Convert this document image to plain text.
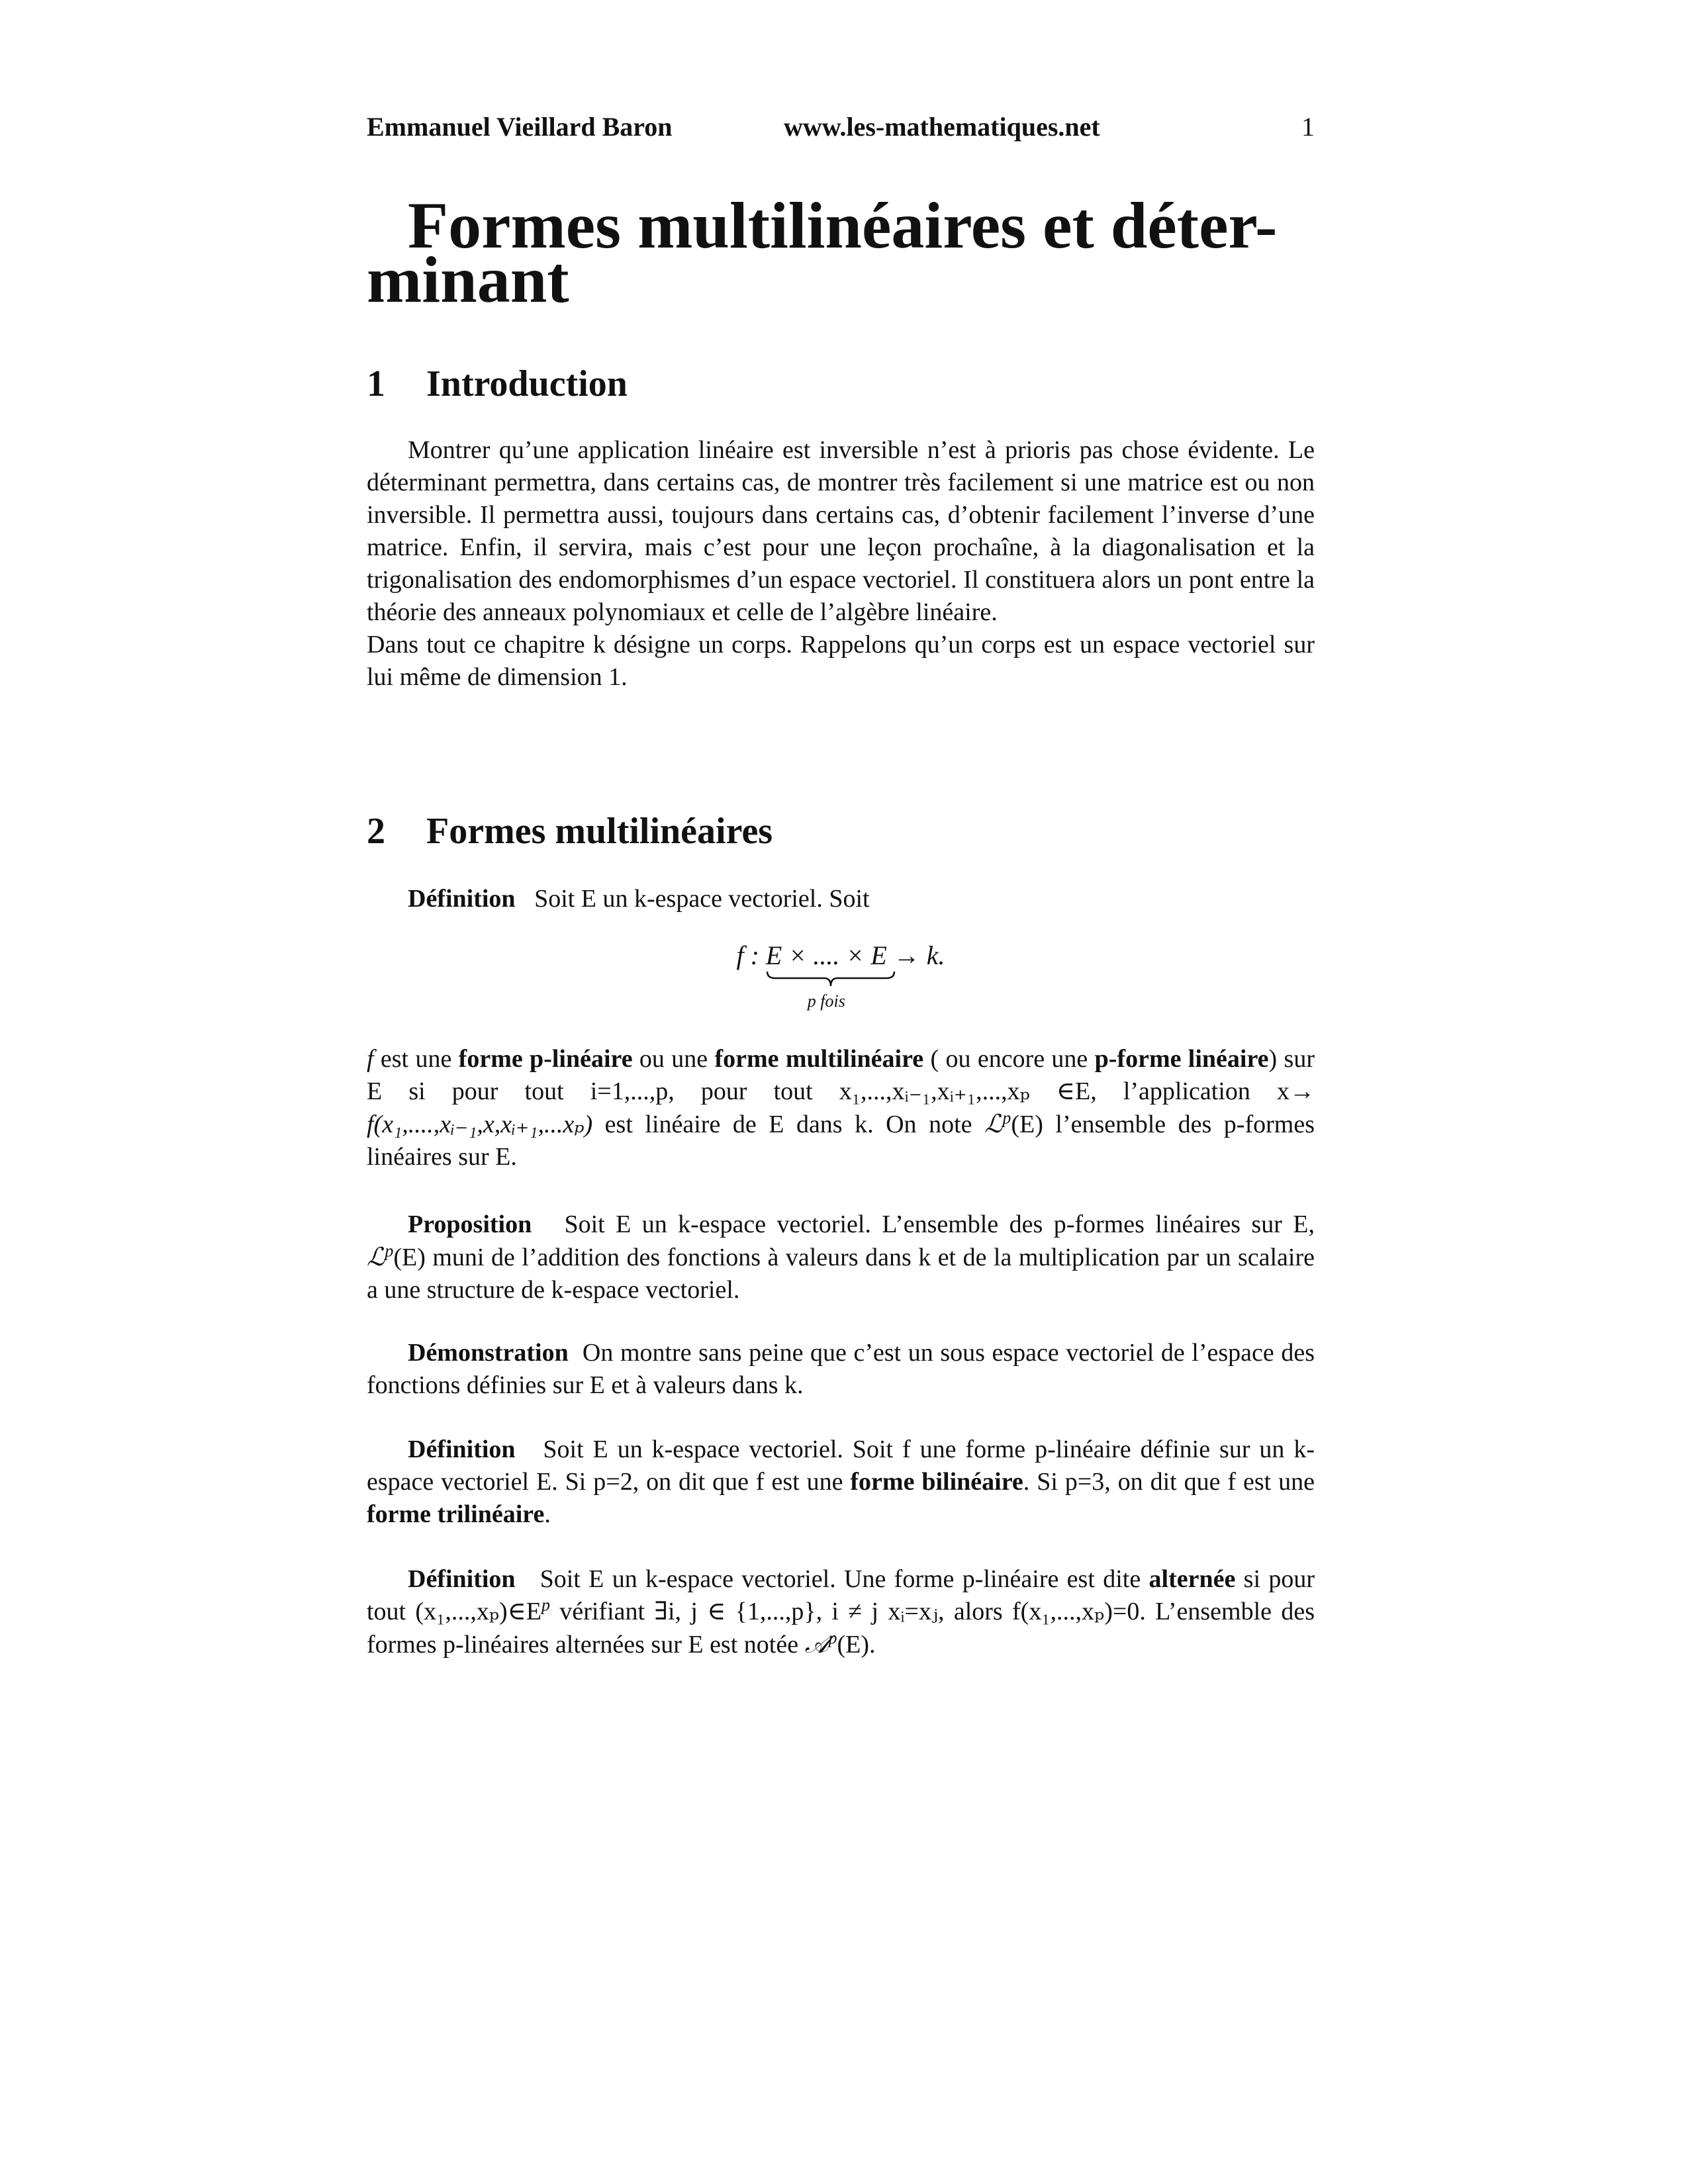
Emmanuel Vieillard Baron	www.les-mathematiques.net	1
Formes multilinéaires et déter-
minant
1 Introduction

Montrer qu’une application linéaire est inversible n’est à prioris pas chose évidente. Le déterminant permettra, dans certains cas, de montrer très facilement si une matrice est ou non inversible. Il permettra aussi, toujours dans certains cas, d’obtenir facilement l’inverse d’une matrice. Enfin, il servira, mais c’est pour une leçon prochaîne, à la diagonalisation et la trigonalisation des endomorphismes d’un espace vectoriel. Il constituera alors un pont entre la théorie des anneaux polynomiaux et celle de l’algèbre linéaire.
Dans tout ce chapitre k désigne un corps. Rappelons qu’un corps est un espace vectoriel sur lui même de dimension 1.

2 Formes multilinéaires

Définition Soit E un k-espace vectoriel. Soit

f : E × .... × E
p fois
→ k.

f est une forme p-linéaire ou une forme multilinéaire ( ou encore une p-forme linéaire) sur E si pour tout i=1,...,p, pour tout x₁,...,xᵢ₋₁,xᵢ₊₁,...,xₚ ∈E, l’application x→ f(x₁,....,xᵢ₋₁,x,xᵢ₊₁,...xₚ) est linéaire de E dans k. On note ℒ$^p$(E) l’ensemble des p-formes linéaires sur E.

Proposition Soit E un k-espace vectoriel. L’ensemble des p-formes linéaires sur E, ℒ$^p$(E) muni de l’addition des fonctions à valeurs dans k et de la multiplication par un scalaire a une structure de k-espace vectoriel.

Démonstration On montre sans peine que c’est un sous espace vectoriel de l’espace des fonctions définies sur E et à valeurs dans k.

Définition Soit E un k-espace vectoriel. Soit f une forme p-linéaire définie sur un k-espace vectoriel E. Si p=2, on dit que f est une forme bilinéaire. Si p=3, on dit que f est une forme trilinéaire.

Définition Soit E un k-espace vectoriel. Une forme p-linéaire est dite alternée si pour tout $(x_1,...,x_p)\in E^p$ vérifiant ∃i, j ∈ {1,...,p}, i ≠ j xᵢ=xⱼ, alors f(x₁,...,xₚ)=0. L’ensemble des formes p-linéaires alternées sur E est notée 𝒜$^p$(E).
